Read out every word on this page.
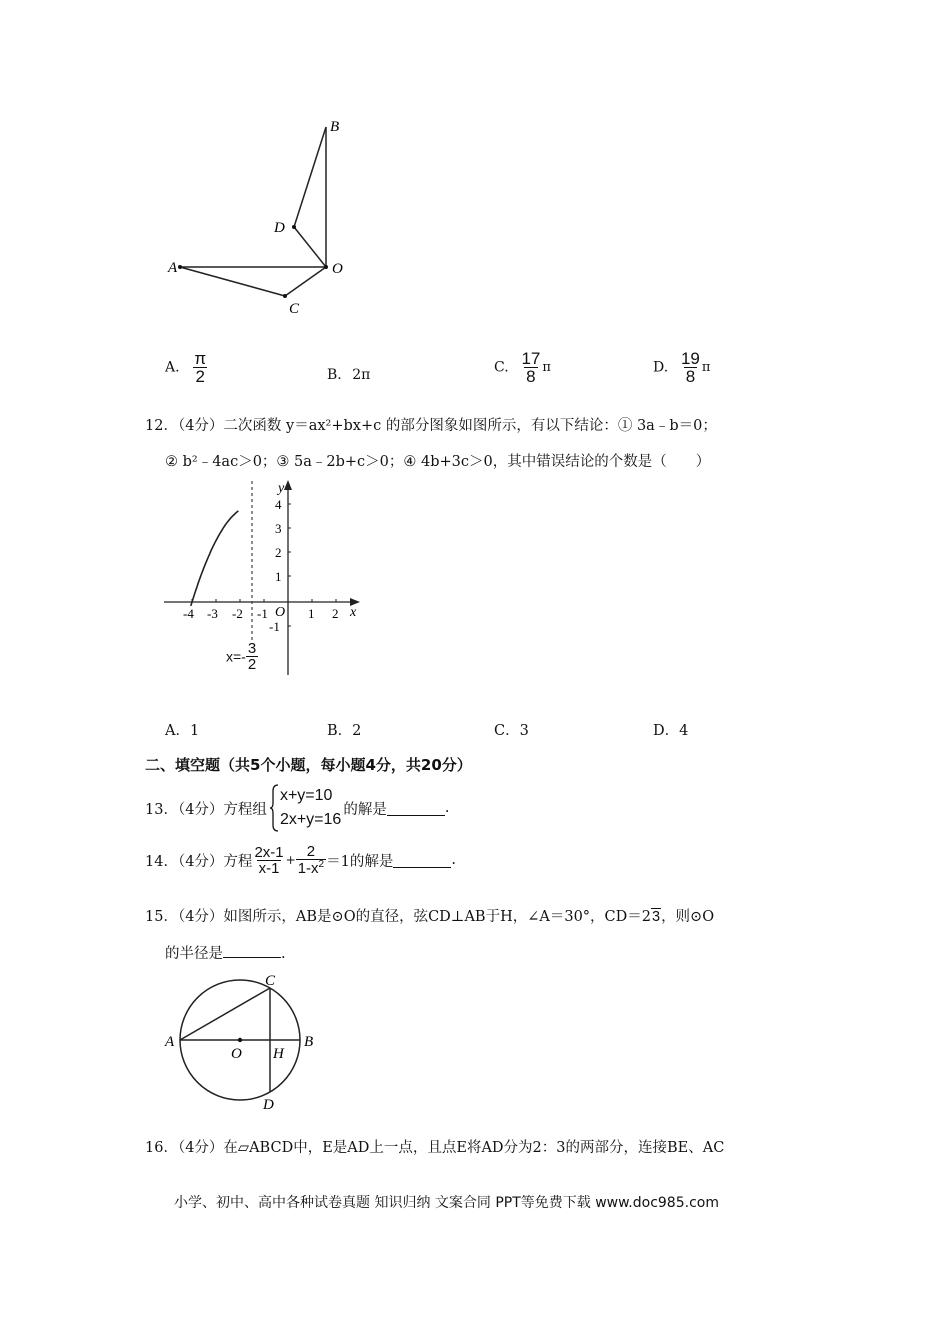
B
D
A	O
C
A. $\frac{\pi}{2}$	B. 2π	C. $\frac{17}{8}$ π	D. $\frac{19}{8}$ π
12．（4分）二次函数 y＝ax²+bx+c 的部分图象如图所示，有以下结论：① 3a﹣b＝0；
② b²﹣4ac＞0；③ 5a﹣2b+c＞0；④ 4b+3c＞0，其中错误结论的个数是（　　）
-4 -3 -2 -1	1 2
4
3
2
1
-1
O	x
y
$x=- \frac{3}{2}$
A．1	B．2	C．3	D．4
二、填空题（共5个小题，每小题4分，共20分）
13．（4分）方程组
x+y=10
2x+y=16
的解是	.
14．（4分）方程 $\frac{2x-1}{x-1} + \frac{2}{1-x^2} =1$的解是	.
15．（4分）如图所示，AB是⊙O的直径，弦CD⊥AB于H，∠A＝30°，CD＝23，则⊙O
的半径是	.
C
A	B
O H
D
16．（4分）在▱ABCD中，E是AD上一点，且点E将AD分为2：3的两部分，连接BE、AC
小学、初中、高中各种试卷真题 知识归纳 文案合同 PPT等免费下载 www.doc985.com
